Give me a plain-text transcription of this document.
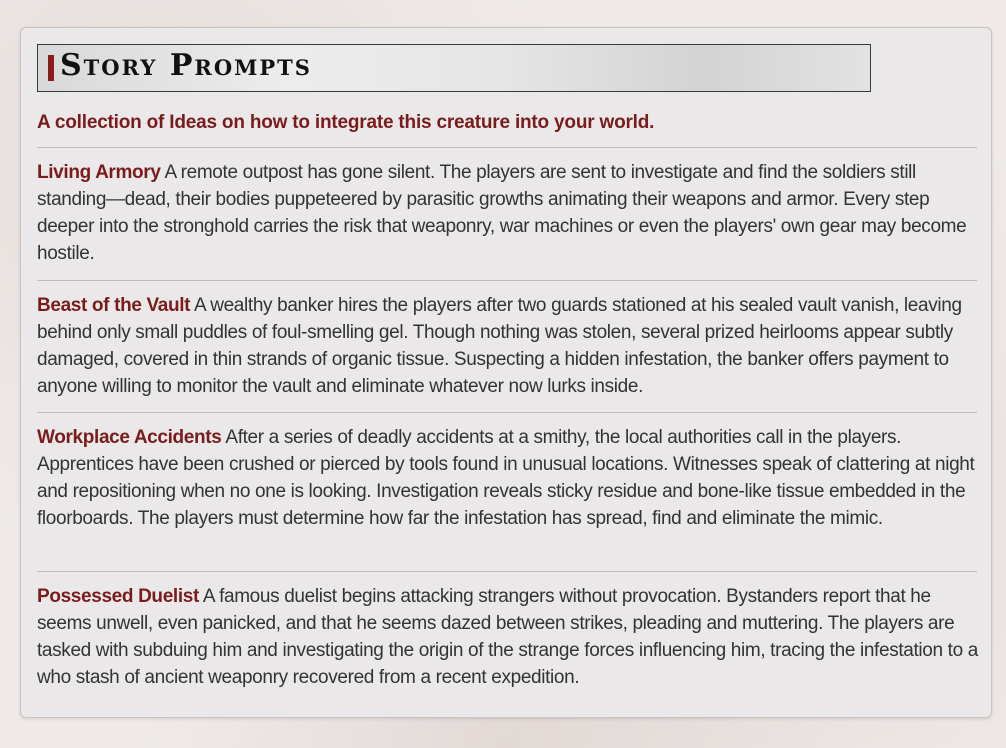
Story Prompts
A collection of Ideas on how to integrate this creature into your world.
Living Armory A remote outpost has gone silent. The players are sent to investigate and find the soldiers still standing—dead, their bodies puppeteered by parasitic growths animating their weapons and armor. Every step deeper into the stronghold carries the risk that weaponry, war machines or even the players' own gear may become hostile.
Beast of the Vault A wealthy banker hires the players after two guards stationed at his sealed vault vanish, leaving behind only small puddles of foul-smelling gel. Though nothing was stolen, several prized heirlooms appear subtly damaged, covered in thin strands of organic tissue. Suspecting a hidden infestation, the banker offers payment to anyone willing to monitor the vault and eliminate whatever now lurks inside.
Workplace Accidents After a series of deadly accidents at a smithy, the local authorities call in the players. Apprentices have been crushed or pierced by tools found in unusual locations. Witnesses speak of clattering at night and repositioning when no one is looking. Investigation reveals sticky residue and bone-like tissue embedded in the floorboards. The players must determine how far the infestation has spread, find and eliminate the mimic.
Possessed Duelist A famous duelist begins attacking strangers without provocation. Bystanders report that he seems unwell, even panicked, and that he seems dazed between strikes, pleading and muttering. The players are tasked with subduing him and investigating the origin of the strange forces influencing him, tracing the infestation to a who stash of ancient weaponry recovered from a recent expedition.
